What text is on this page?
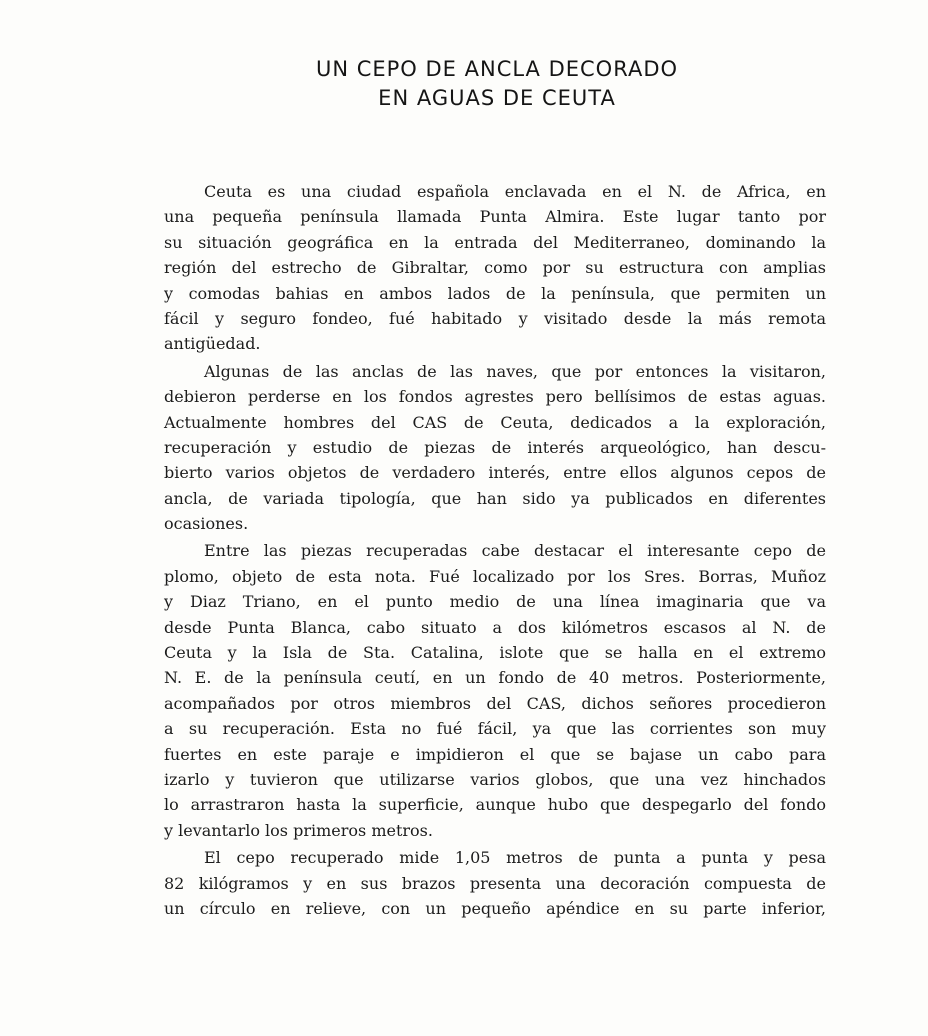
UN CEPO DE ANCLA DECORADO
EN AGUAS DE CEUTA
Ceuta es una ciudad española enclavada en el N. de Africa, en
una pequeña península llamada Punta Almira. Este lugar tanto por
su situación geográfica en la entrada del Mediterraneo, dominando la
región del estrecho de Gibraltar, como por su estructura con amplias
y comodas bahias en ambos lados de la península, que permiten un
fácil y seguro fondeo, fué habitado y visitado desde la más remota
antigüedad.
Algunas de las anclas de las naves, que por entonces la visitaron,
debieron perderse en los fondos agrestes pero bellísimos de estas aguas.
Actualmente hombres del CAS de Ceuta, dedicados a la exploración,
recuperación y estudio de piezas de interés arqueológico, han descu-
bierto varios objetos de verdadero interés, entre ellos algunos cepos de
ancla, de variada tipología, que han sido ya publicados en diferentes
ocasiones.
Entre las piezas recuperadas cabe destacar el interesante cepo de
plomo, objeto de esta nota. Fué localizado por los Sres. Borras, Muñoz
y Diaz Triano, en el punto medio de una línea imaginaria que va
desde Punta Blanca, cabo situato a dos kilómetros escasos al N. de
Ceuta y la Isla de Sta. Catalina, islote que se halla en el extremo
N. E. de la península ceutí, en un fondo de 40 metros. Posteriormente,
acompañados por otros miembros del CAS, dichos señores procedieron
a su recuperación. Esta no fué fácil, ya que las corrientes son muy
fuertes en este paraje e impidieron el que se bajase un cabo para
izarlo y tuvieron que utilizarse varios globos, que una vez hinchados
lo arrastraron hasta la superficie, aunque hubo que despegarlo del fondo
y levantarlo los primeros metros.
El cepo recuperado mide 1,05 metros de punta a punta y pesa
82 kilógramos y en sus brazos presenta una decoración compuesta de
un círculo en relieve, con un pequeño apéndice en su parte inferior,
